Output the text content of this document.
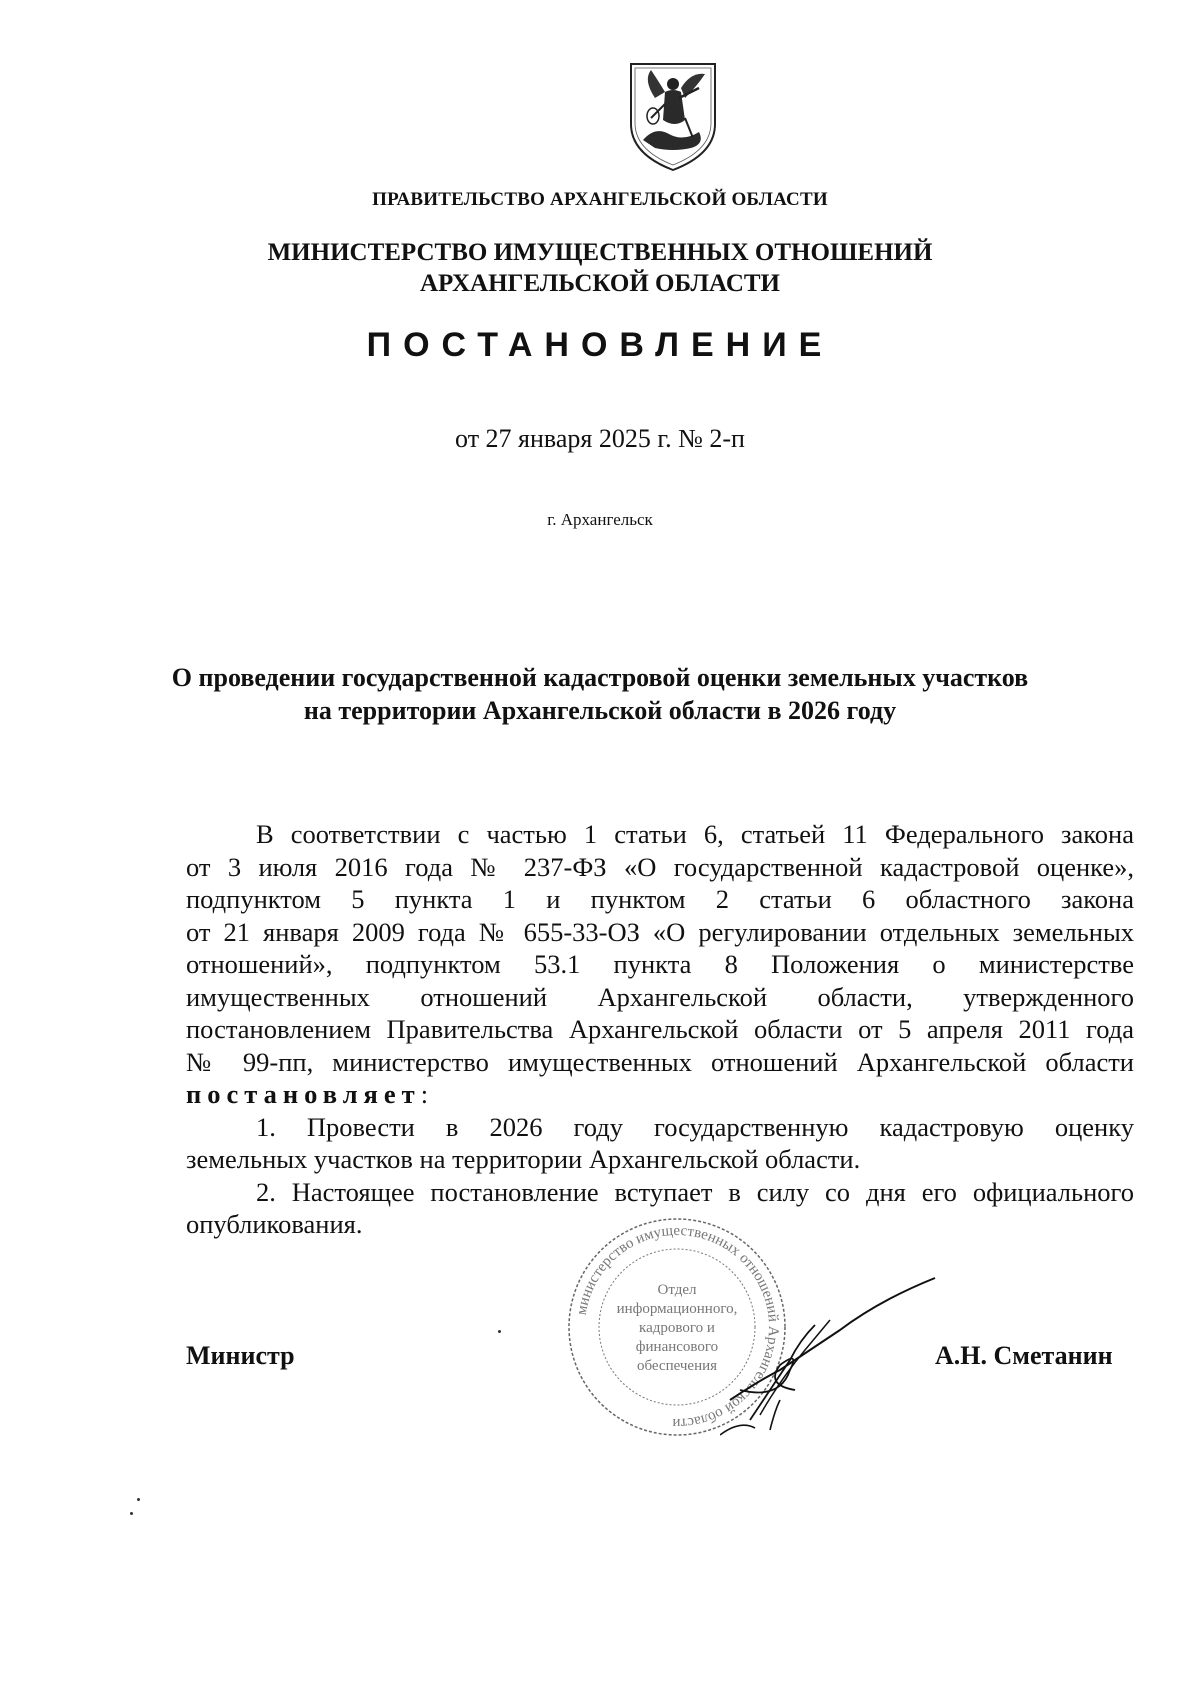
ПРАВИТЕЛЬСТВО АРХАНГЕЛЬСКОЙ ОБЛАСТИ
МИНИСТЕРСТВО ИМУЩЕСТВЕННЫХ ОТНОШЕНИЙ
АРХАНГЕЛЬСКОЙ ОБЛАСТИ
ПОСТАНОВЛЕНИЕ
от 27 января 2025 г. № 2-п
г. Архангельск
О проведении государственной кадастровой оценки земельных участков
на территории Архангельской области в 2026 году
В соответствии с частью 1 статьи 6, статьей 11 Федерального закона
от 3 июля 2016 года № 237-ФЗ «О государственной кадастровой оценке»,
подпунктом 5 пункта 1 и пунктом 2 статьи 6 областного закона
от 21 января 2009 года № 655-33-ОЗ «О регулировании отдельных земельных
отношений», подпунктом 53.1 пункта 8 Положения о министерстве
имущественных отношений Архангельской области, утвержденного
постановлением Правительства Архангельской области от 5 апреля 2011 года
№ 99-пп, министерство имущественных отношений Архангельской области
постановляет:
1. Провести в 2026 году государственную кадастровую оценку
земельных участков на территории Архангельской области.
2. Настоящее постановление вступает в силу со дня его официального
опубликования.
министерство имущественных отношений Архангельской области
Отдел
информационного,
кадрового и
финансового
обеспечения
Министр	А.Н. Сметанин
